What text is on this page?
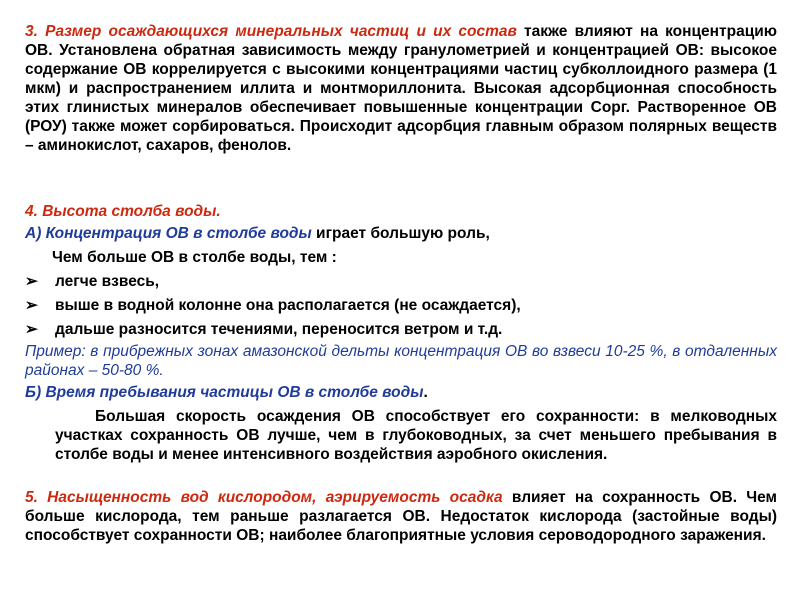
3. Размер осаждающихся минеральных частиц и их состав также влияют на концентрацию ОВ. Установлена обратная зависимость между гранулометрией и концентрацией ОВ: высокое содержание ОВ коррелируется с высокими концентрациями частиц субколлоидного размера (1 мкм) и распространением иллита и монтмориллонита. Высокая адсорбционная способность этих глинистых минералов обеспечивает повышенные концентрации Сорг. Растворенное ОВ (РОУ) также может сорбироваться. Происходит адсорбция главным образом полярных веществ – аминокислот, сахаров, фенолов.
4. Высота столба воды.
А) Концентрация ОВ в столбе воды играет большую роль,
Чем больше ОВ в столбе воды, тем :
➢ легче взвесь,
➢ выше в водной колонне она располагается (не осаждается),
➢ дальше разносится течениями, переносится ветром и т.д.
Пример: в прибрежных зонах амазонской дельты концентрация ОВ во взвеси 10-25 %, в отдаленных районах – 50-80 %.
Б) Время пребывания частицы ОВ в столбе воды.
Большая скорость осаждения ОВ способствует его сохранности: в мелководных участках сохранность ОВ лучше, чем в глубоководных, за счет меньшего пребывания в столбе воды и менее интенсивного воздействия аэробного окисления.
5. Насыщенность вод кислородом, аэрируемость осадка влияет на сохранность ОВ. Чем больше кислорода, тем раньше разлагается ОВ. Недостаток кислорода (застойные воды) способствует сохранности ОВ; наиболее благоприятные условия сероводородного заражения.
